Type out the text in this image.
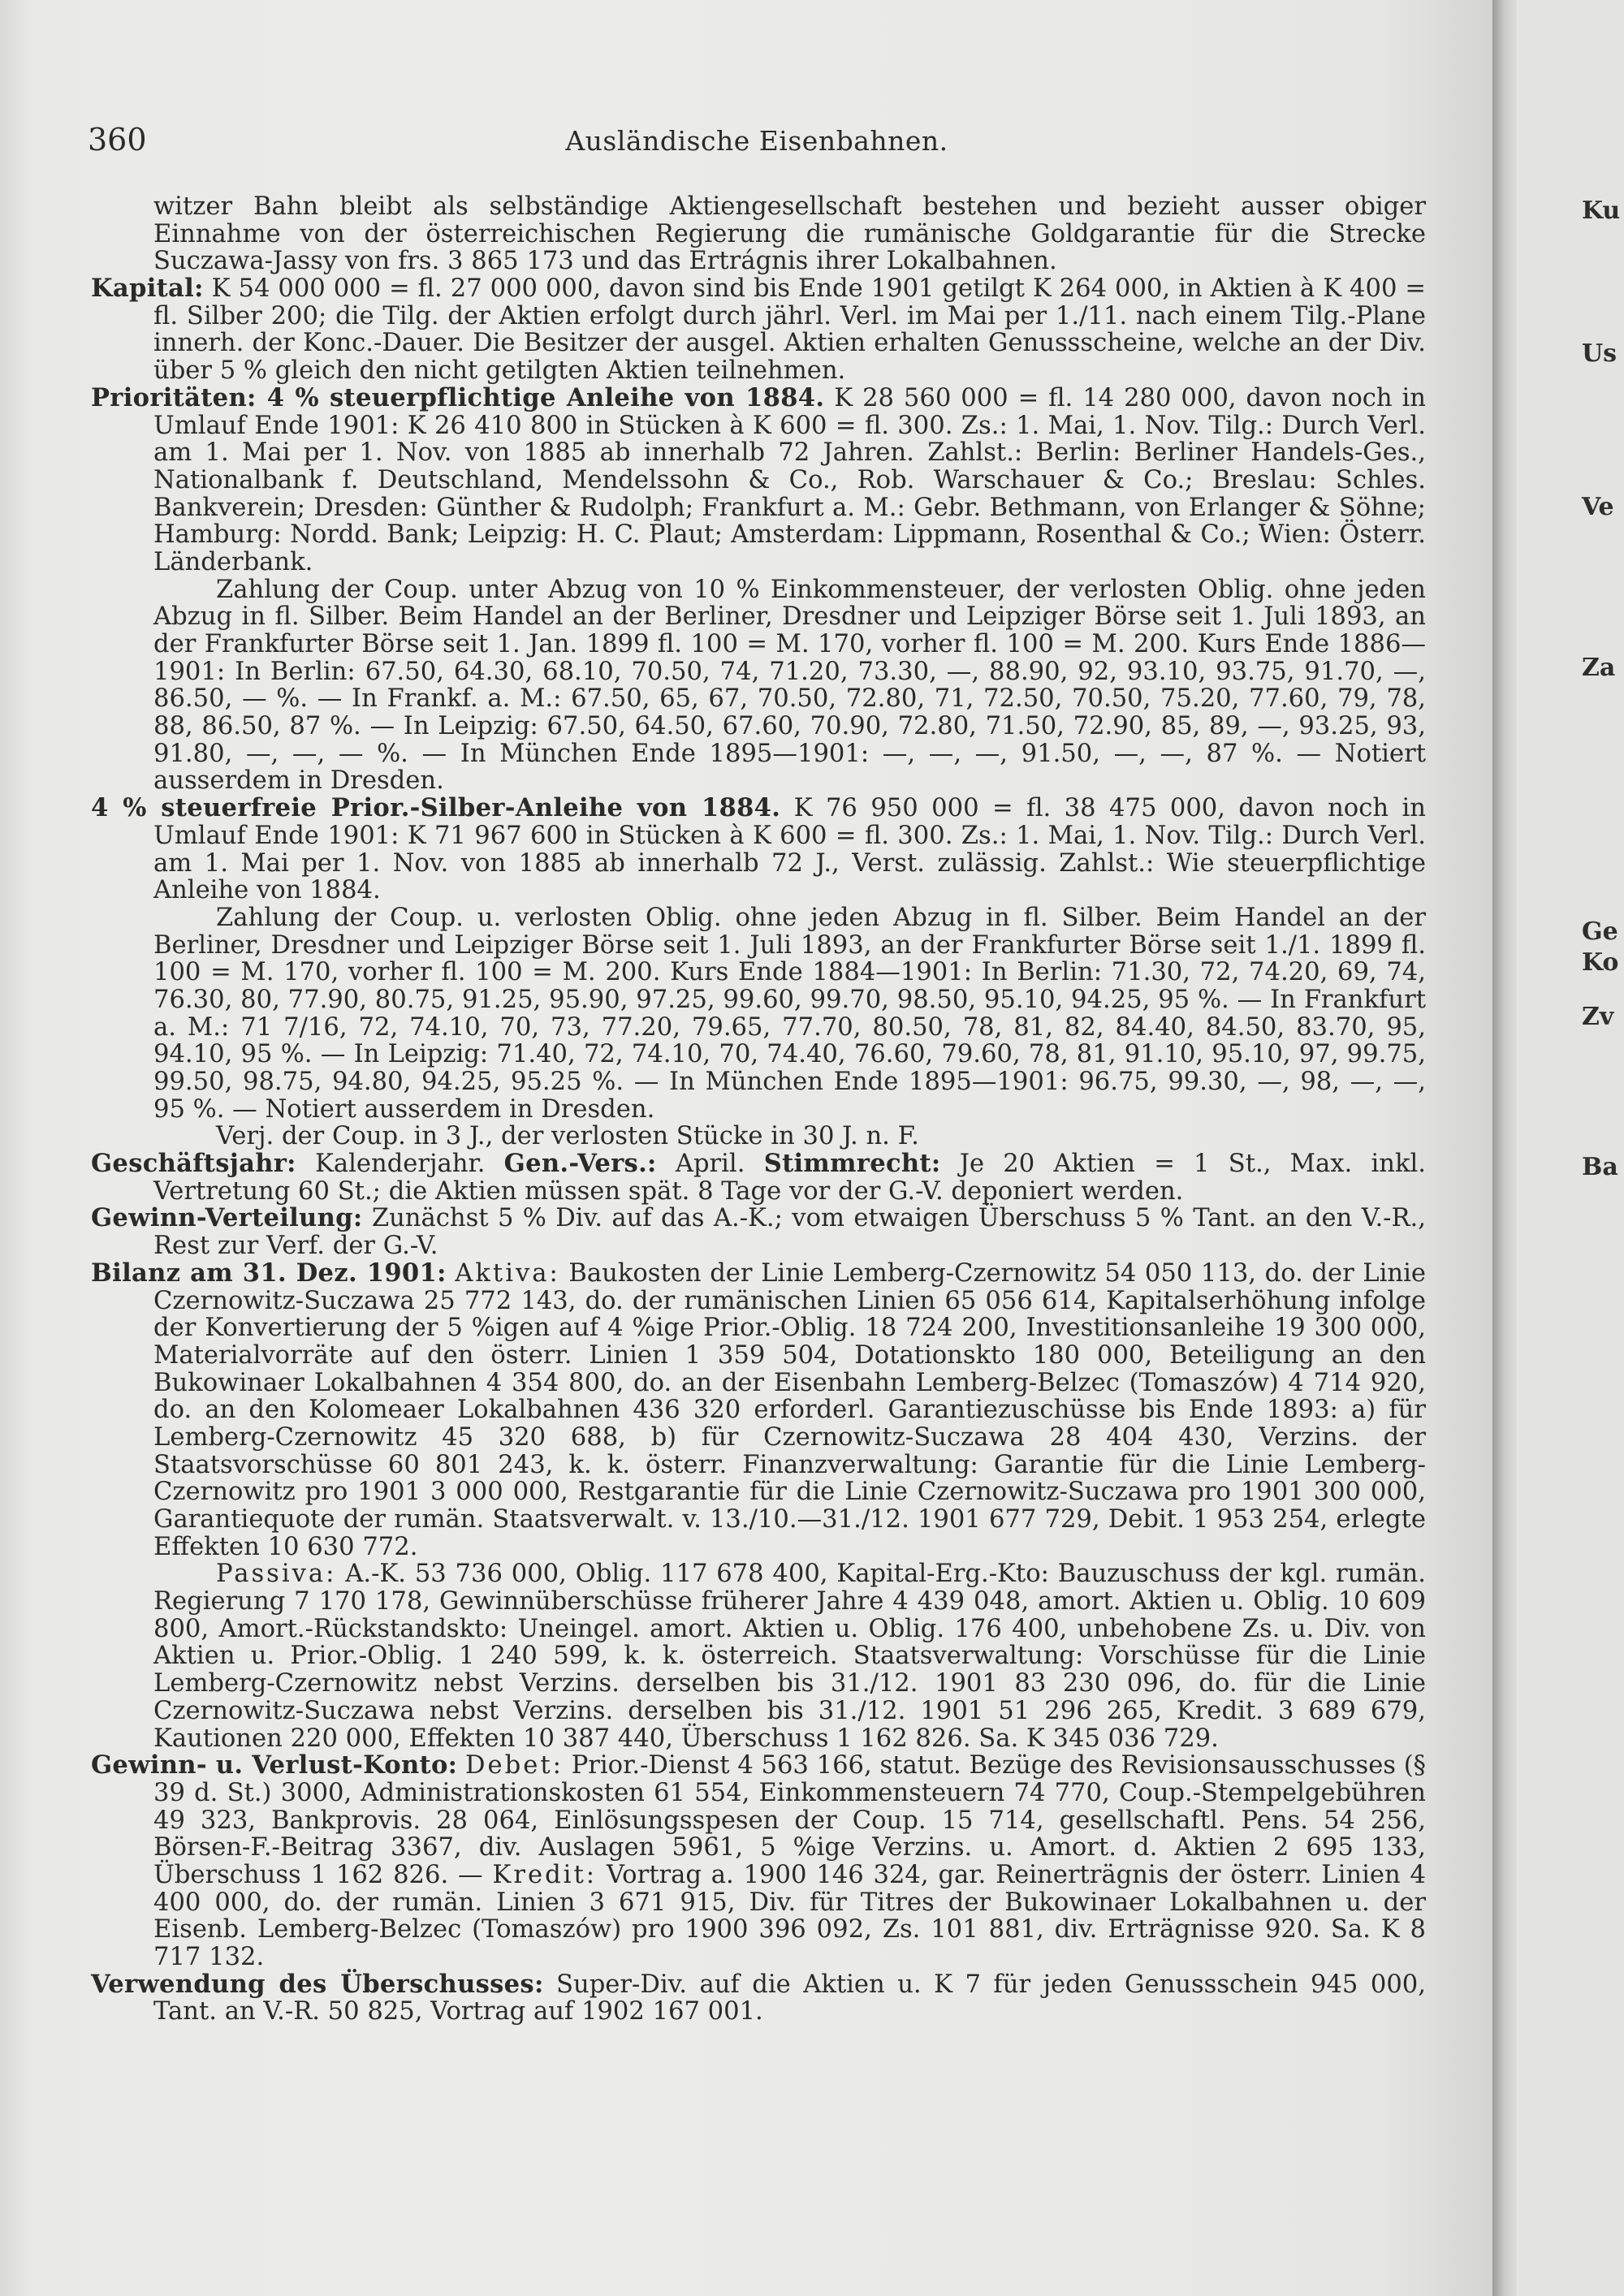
360	Ausländische Eisenbahnen.

witzer Bahn bleibt als selbständige Aktiengesellschaft bestehen und bezieht ausser obiger Einnahme von der österreichischen Regierung die rumänische Goldgarantie für die Strecke Suczawa-Jassy von frs. 3 865 173 und das Ertrágnis ihrer Lokalbahnen.

Kapital: K 54 000 000 = fl. 27 000 000, davon sind bis Ende 1901 getilgt K 264 000, in Aktien à K 400 = fl. Silber 200; die Tilg. der Aktien erfolgt durch jährl. Verl. im Mai per 1./11. nach einem Tilg.-Plane innerh. der Konc.-Dauer. Die Besitzer der ausgel. Aktien erhalten Genussscheine, welche an der Div. über 5 % gleich den nicht getilgten Aktien teilnehmen.

Prioritäten: 4 % steuerpflichtige Anleihe von 1884. K 28 560 000 = fl. 14 280 000, davon noch in Umlauf Ende 1901: K 26 410 800 in Stücken à K 600 = fl. 300. Zs.: 1. Mai, 1. Nov. Tilg.: Durch Verl. am 1. Mai per 1. Nov. von 1885 ab innerhalb 72 Jahren. Zahlst.: Berlin: Berliner Handels-Ges., Nationalbank f. Deutschland, Mendelssohn & Co., Rob. Warschauer & Co.; Breslau: Schles. Bankverein; Dresden: Günther & Rudolph; Frankfurt a. M.: Gebr. Bethmann, von Erlanger & Söhne; Hamburg: Nordd. Bank; Leipzig: H. C. Plaut; Amsterdam: Lippmann, Rosenthal & Co.; Wien: Österr. Länderbank.

Zahlung der Coup. unter Abzug von 10 % Einkommensteuer, der verlosten Oblig. ohne jeden Abzug in fl. Silber. Beim Handel an der Berliner, Dresdner und Leipziger Börse seit 1. Juli 1893, an der Frankfurter Börse seit 1. Jan. 1899 fl. 100 = M. 170, vorher fl. 100 = M. 200. Kurs Ende 1886—1901: In Berlin: 67.50, 64.30, 68.10, 70.50, 74, 71.20, 73.30, —, 88.90, 92, 93.10, 93.75, 91.70, —, 86.50, — %. — In Frankf. a. M.: 67.50, 65, 67, 70.50, 72.80, 71, 72.50, 70.50, 75.20, 77.60, 79, 78, 88, 86.50, 87 %. — In Leipzig: 67.50, 64.50, 67.60, 70.90, 72.80, 71.50, 72.90, 85, 89, —, 93.25, 93, 91.80, —, —, — %. — In München Ende 1895—1901: —, —, —, 91.50, —, —, 87 %. — Notiert ausserdem in Dresden.

4 % steuerfreie Prior.-Silber-Anleihe von 1884. K 76 950 000 = fl. 38 475 000, davon noch in Umlauf Ende 1901: K 71 967 600 in Stücken à K 600 = fl. 300. Zs.: 1. Mai, 1. Nov. Tilg.: Durch Verl. am 1. Mai per 1. Nov. von 1885 ab innerhalb 72 J., Verst. zulässig. Zahlst.: Wie steuerpflichtige Anleihe von 1884.

Zahlung der Coup. u. verlosten Oblig. ohne jeden Abzug in fl. Silber. Beim Handel an der Berliner, Dresdner und Leipziger Börse seit 1. Juli 1893, an der Frankfurter Börse seit 1./1. 1899 fl. 100 = M. 170, vorher fl. 100 = M. 200. Kurs Ende 1884—1901: In Berlin: 71.30, 72, 74.20, 69, 74, 76.30, 80, 77.90, 80.75, 91.25, 95.90, 97.25, 99.60, 99.70, 98.50, 95.10, 94.25, 95 %. — In Frankfurt a. M.: 71 7/16, 72, 74.10, 70, 73, 77.20, 79.65, 77.70, 80.50, 78, 81, 82, 84.40, 84.50, 83.70, 95, 94.10, 95 %. — In Leipzig: 71.40, 72, 74.10, 70, 74.40, 76.60, 79.60, 78, 81, 91.10, 95.10, 97, 99.75, 99.50, 98.75, 94.80, 94.25, 95.25 %. — In München Ende 1895—1901: 96.75, 99.30, —, 98, —, —, 95 %. — Notiert ausserdem in Dresden.

Verj. der Coup. in 3 J., der verlosten Stücke in 30 J. n. F.

Geschäftsjahr: Kalenderjahr. Gen.-Vers.: April. Stimmrecht: Je 20 Aktien = 1 St., Max. inkl. Vertretung 60 St.; die Aktien müssen spät. 8 Tage vor der G.-V. deponiert werden.

Gewinn-Verteilung: Zunächst 5 % Div. auf das A.-K.; vom etwaigen Überschuss 5 % Tant. an den V.-R., Rest zur Verf. der G.-V.

Bilanz am 31. Dez. 1901: Aktiva: Baukosten der Linie Lemberg-Czernowitz 54 050 113, do. der Linie Czernowitz-Suczawa 25 772 143, do. der rumänischen Linien 65 056 614, Kapitalserhöhung infolge der Konvertierung der 5 %igen auf 4 %ige Prior.-Oblig. 18 724 200, Investitionsanleihe 19 300 000, Materialvorräte auf den österr. Linien 1 359 504, Dotationskto 180 000, Beteiligung an den Bukowinaer Lokalbahnen 4 354 800, do. an der Eisenbahn Lemberg-Belzec (Tomaszów) 4 714 920, do. an den Kolomeaer Lokalbahnen 436 320 erforderl. Garantiezuschüsse bis Ende 1893: a) für Lemberg-Czernowitz 45 320 688, b) für Czernowitz-Suczawa 28 404 430, Verzins. der Staatsvorschüsse 60 801 243, k. k. österr. Finanzverwaltung: Garantie für die Linie Lemberg-Czernowitz pro 1901 3 000 000, Restgarantie für die Linie Czernowitz-Suczawa pro 1901 300 000, Garantiequote der rumän. Staatsverwalt. v. 13./10.—31./12. 1901 677 729, Debit. 1 953 254, erlegte Effekten 10 630 772.

Passiva: A.-K. 53 736 000, Oblig. 117 678 400, Kapital-Erg.-Kto: Bauzuschuss der kgl. rumän. Regierung 7 170 178, Gewinnüberschüsse früherer Jahre 4 439 048, amort. Aktien u. Oblig. 10 609 800, Amort.-Rückstandskto: Uneingel. amort. Aktien u. Oblig. 176 400, unbehobene Zs. u. Div. von Aktien u. Prior.-Oblig. 1 240 599, k. k. österreich. Staatsverwaltung: Vorschüsse für die Linie Lemberg-Czernowitz nebst Verzins. derselben bis 31./12. 1901 83 230 096, do. für die Linie Czernowitz-Suczawa nebst Verzins. derselben bis 31./12. 1901 51 296 265, Kredit. 3 689 679, Kautionen 220 000, Effekten 10 387 440, Überschuss 1 162 826. Sa. K 345 036 729.

Gewinn- u. Verlust-Konto: Debet: Prior.-Dienst 4 563 166, statut. Bezüge des Revisionsausschusses (§ 39 d. St.) 3000, Administrationskosten 61 554, Einkommensteuern 74 770, Coup.-Stempelgebühren 49 323, Bankprovis. 28 064, Einlösungsspesen der Coup. 15 714, gesellschaftl. Pens. 54 256, Börsen-F.-Beitrag 3367, div. Auslagen 5961, 5 %ige Verzins. u. Amort. d. Aktien 2 695 133, Überschuss 1 162 826. — Kredit: Vortrag a. 1900 146 324, gar. Reinerträgnis der österr. Linien 4 400 000, do. der rumän. Linien 3 671 915, Div. für Titres der Bukowinaer Lokalbahnen u. der Eisenb. Lemberg-Belzec (Tomaszów) pro 1900 396 092, Zs. 101 881, div. Erträgnisse 920. Sa. K 8 717 132.

Verwendung des Überschusses: Super-Div. auf die Aktien u. K 7 für jeden Genussschein 945 000, Tant. an V.-R. 50 825, Vortrag auf 1902 167 001.

Ku
Us
Ve
Za
Ge
Ko
Zv
Ba
